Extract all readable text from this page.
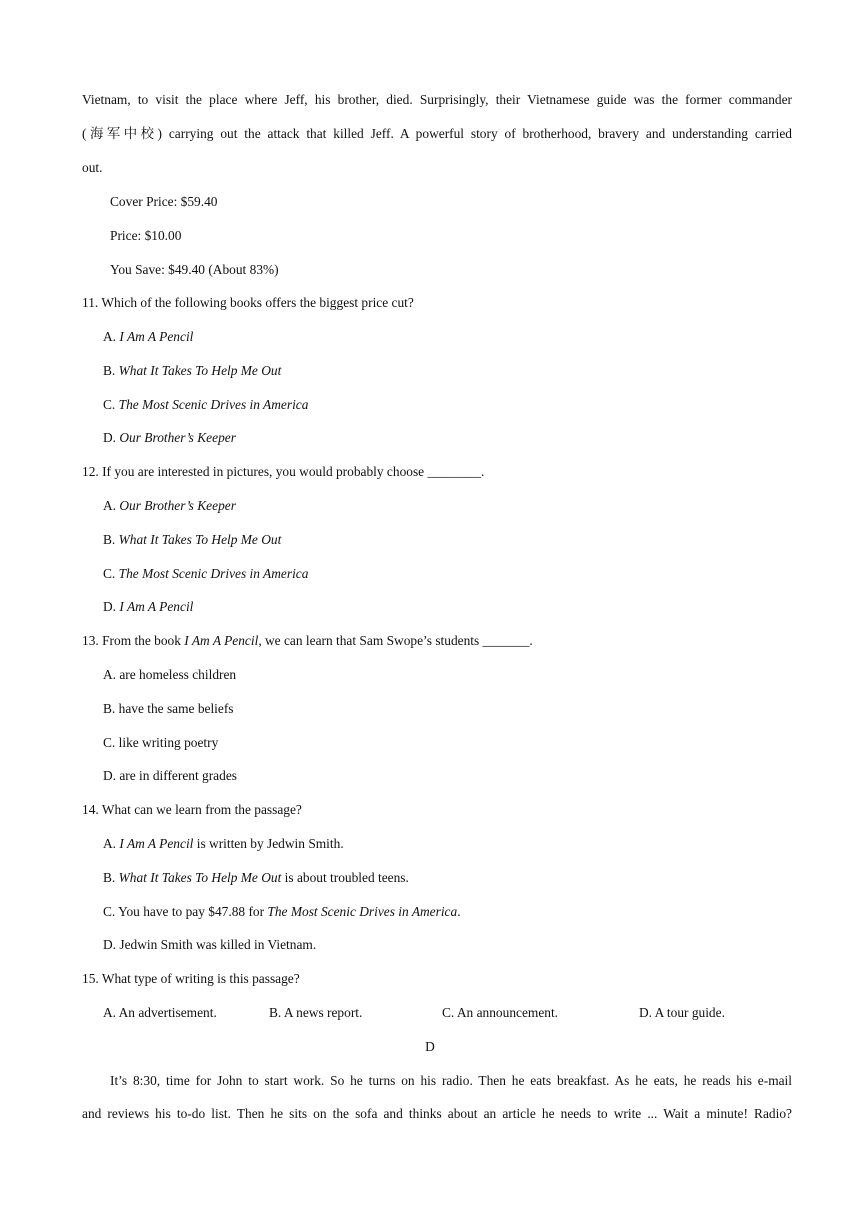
Vietnam, to visit the place where Jeff, his brother, died. Surprisingly, their Vietnamese guide was the former commander
(海军中校) carrying out the attack that killed Jeff. A powerful story of brotherhood, bravery and understanding carried
out.
Cover Price: $59.40
Price: $10.00
You Save: $49.40 (About 83%)
11. Which of the following books offers the biggest price cut?
A. I Am A Pencil
B. What It Takes To Help Me Out
C. The Most Scenic Drives in America
D. Our Brother’s Keeper
12. If you are interested in pictures, you would probably choose ________.
A. Our Brother’s Keeper
B. What It Takes To Help Me Out
C. The Most Scenic Drives in America
D. I Am A Pencil
13. From the book I Am A Pencil, we can learn that Sam Swope’s students _______.
A. are homeless children
B. have the same beliefs
C. like writing poetry
D. are in different grades
14. What can we learn from the passage?
A. I Am A Pencil is written by Jedwin Smith.
B. What It Takes To Help Me Out is about troubled teens.
C. You have to pay $47.88 for The Most Scenic Drives in America.
D. Jedwin Smith was killed in Vietnam.
15. What type of writing is this passage?
A. An advertisement.	B. A news report.	C. An announcement.	D. A tour guide.
D
It’s 8:30, time for John to start work. So he turns on his radio. Then he eats breakfast. As he eats, he reads his e-mail
and reviews his to-do list. Then he sits on the sofa and thinks about an article he needs to write ... Wait a minute! Radio?
